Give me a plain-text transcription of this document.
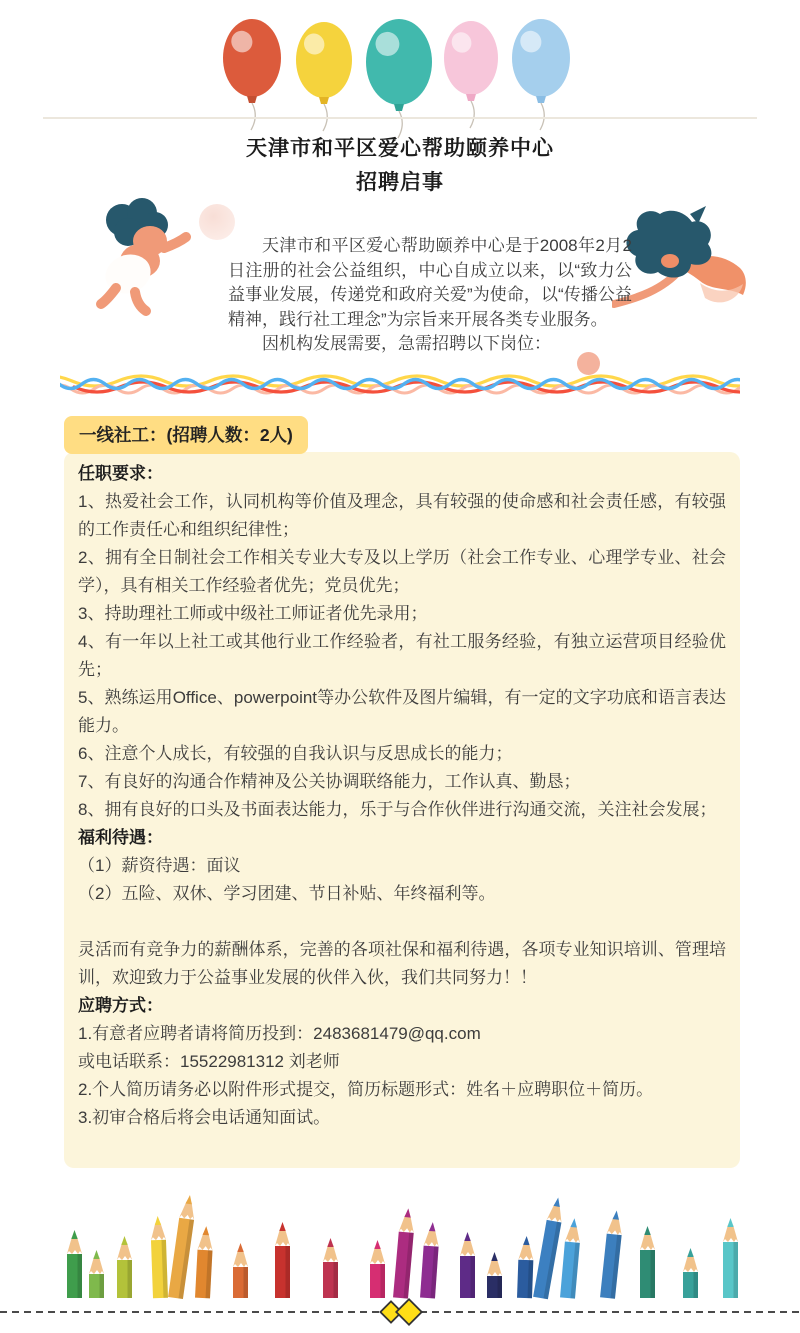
天津市和平区爱心帮助颐养中心
招聘启事

天津市和平区爱心帮助颐养中心是于2008年2月2日注册的社会公益组织，中心自成立以来，以“致力公益事业发展，传递党和政府关爱”为使命，以“传播公益精神，践行社工理念”为宗旨来开展各类专业服务。

因机构发展需要，急需招聘以下岗位：

一线社工：(招聘人数：2人)

任职要求：

1、热爱社会工作，认同机构等价值及理念，具有较强的使命感和社会责任感，有较强的工作责任心和组织纪律性；

2、拥有全日制社会工作相关专业大专及以上学历（社会工作专业、心理学专业、社会学），具有相关工作经验者优先；党员优先；

3、持助理社工师或中级社工师证者优先录用；

4、有一年以上社工或其他行业工作经验者，有社工服务经验，有独立运营项目经验优先；

5、熟练运用Office、powerpoint等办公软件及图片编辑，有一定的文字功底和语言表达能力。

6、注意个人成长，有较强的自我认识与反思成长的能力；

7、有良好的沟通合作精神及公关协调联络能力，工作认真、勤恳；

8、拥有良好的口头及书面表达能力，乐于与合作伙伴进行沟通交流，关注社会发展；

福利待遇：

（1）薪资待遇：面议

（2）五险、双休、学习团建、节日补贴、年终福利等。

灵活而有竞争力的薪酬体系，完善的各项社保和福利待遇，各项专业知识培训、管理培训，欢迎致力于公益事业发展的伙伴入伙，我们共同努力！！

应聘方式：

1.有意者应聘者请将简历投到：2483681479@qq.com

或电话联系：15522981312 刘老师

2.个人简历请务必以附件形式提交，简历标题形式：姓名＋应聘职位＋简历。

3.初审合格后将会电话通知面试。
